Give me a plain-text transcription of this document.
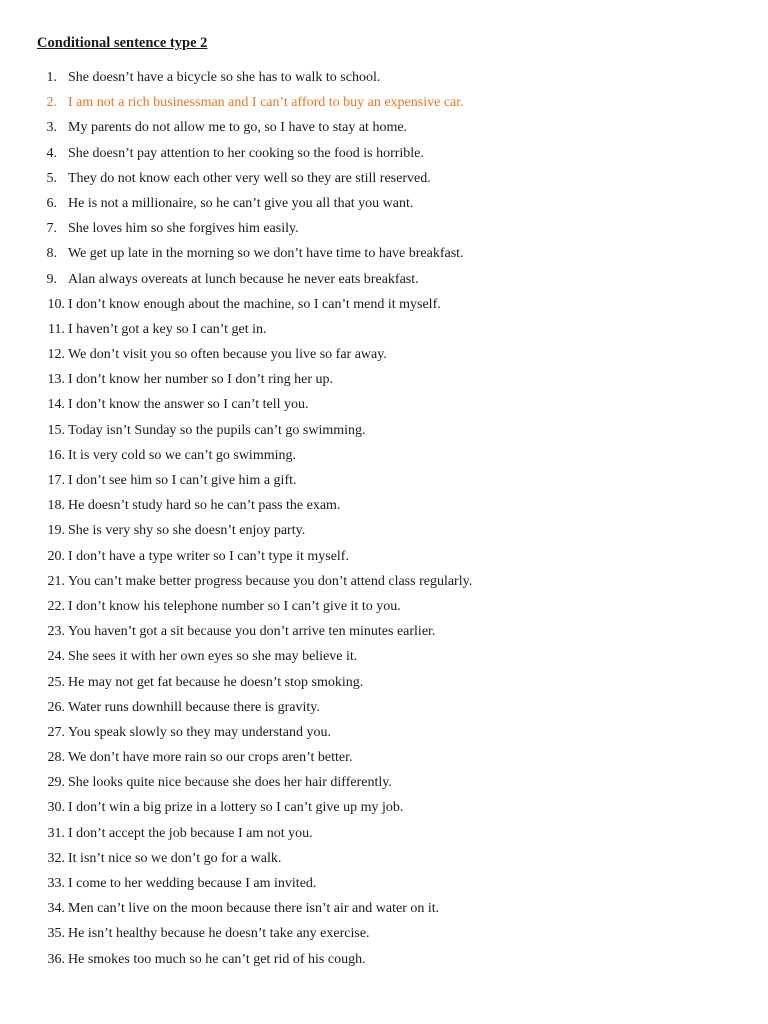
Conditional sentence type 2
1. She doesn’t have a bicycle so she has to walk to school.
2. I am not a rich businessman and I can’t afford to buy an expensive car.
3. My parents do not allow me to go, so I have to stay at home.
4. She doesn’t pay attention to her cooking so the food is horrible.
5. They do not know each other very well so they are still reserved.
6. He is not a millionaire, so he can’t give you all that you want.
7. She loves him so she forgives him easily.
8. We get up late in the morning so we don’t have time to have breakfast.
9. Alan always overeats at lunch because he never eats breakfast.
10. I don’t know enough about the machine, so I can’t mend it myself.
11. I haven’t got a key so I can’t get in.
12. We don’t visit you so often because you live so far away.
13. I don’t know her number so I don’t ring her up.
14. I don’t know the answer so I can’t tell you.
15. Today isn’t Sunday so the pupils can’t go swimming.
16. It is very cold so we can’t go swimming.
17. I don’t see him so I can’t give him a gift.
18. He doesn’t study hard so he can’t pass the exam.
19. She is very shy so she doesn’t enjoy party.
20. I don’t have a type writer so I can’t type it myself.
21. You can’t make better progress because you don’t attend class regularly.
22. I don’t know his telephone number so I can’t give it to you.
23. You haven’t got a sit because you don’t arrive ten minutes earlier.
24. She sees it with her own eyes so she may believe it.
25. He may not get fat because he doesn’t stop smoking.
26. Water runs downhill because there is gravity.
27. You speak slowly so they may understand you.
28. We don’t have more rain so our crops aren’t better.
29. She looks quite nice because she does her hair differently.
30. I don’t win a big prize in a lottery so I can’t give up my job.
31. I don’t accept the job because I am not you.
32. It isn’t nice so we don’t go for a walk.
33. I come to her wedding because I am invited.
34. Men can’t live on the moon because there isn’t air and water on it.
35. He isn’t healthy because he doesn’t take any exercise.
36. He smokes too much so he can’t get rid of his cough.
